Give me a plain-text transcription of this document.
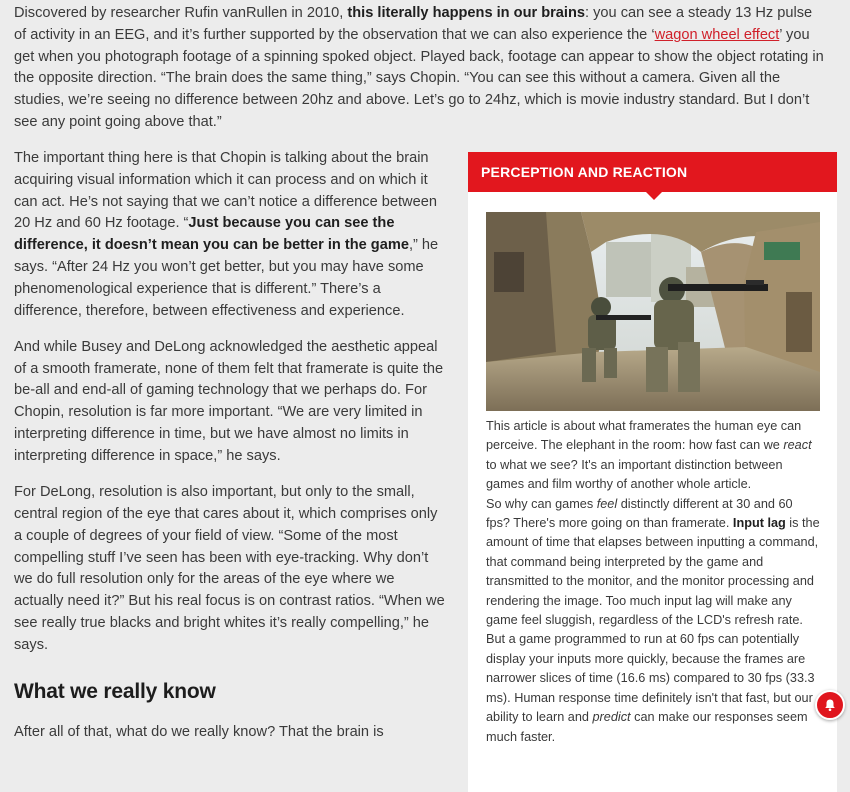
Discovered by researcher Rufin vanRullen in 2010, this literally happens in our brains: you can see a steady 13 Hz pulse of activity in an EEG, and it’s further supported by the observation that we can also experience the ‘wagon wheel effect’ you get when you photograph footage of a spinning spoked object. Played back, footage can appear to show the object rotating in the opposite direction. “The brain does the same thing,” says Chopin. “You can see this without a camera. Given all the studies, we’re seeing no difference between 20hz and above. Let’s go to 24hz, which is movie industry standard. But I don’t see any point going above that.”

The important thing here is that Chopin is talking about the brain acquiring visual information which it can process and on which it can act. He’s not saying that we can’t notice a difference between 20 Hz and 60 Hz footage. “Just because you can see the difference, it doesn’t mean you can be better in the game,” he says. “After 24 Hz you won’t get better, but you may have some phenomenological experience that is different.” There’s a difference, therefore, between effectiveness and experience.

And while Busey and DeLong acknowledged the aesthetic appeal of a smooth framerate, none of them felt that framerate is quite the be-all and end-all of gaming technology that we perhaps do. For Chopin, resolution is far more important. “We are very limited in interpreting difference in time, but we have almost no limits in interpreting difference in space,” he says.

For DeLong, resolution is also important, but only to the small, central region of the eye that cares about it, which comprises only a couple of degrees of your field of view. “Some of the most compelling stuff I’ve seen has been with eye-tracking. Why don’t we do full resolution only for the areas of the eye where we actually need it?” But his real focus is on contrast ratios. “When we see really true blacks and bright whites it’s really compelling,” he says.

What we really know

After all of that, what do we really know? That the brain is

PERCEPTION AND REACTION

This article is about what framerates the human eye can perceive. The elephant in the room: how fast can we react to what we see? It's an important distinction between games and film worthy of another whole article.

So why can games feel distinctly different at 30 and 60 fps? There's more going on than framerate. Input lag is the amount of time that elapses between inputting a command, that command being interpreted by the game and transmitted to the monitor, and the monitor processing and rendering the image. Too much input lag will make any game feel sluggish, regardless of the LCD's refresh rate.

But a game programmed to run at 60 fps can potentially display your inputs more quickly, because the frames are narrower slices of time (16.6 ms) compared to 30 fps (33.3 ms). Human response time definitely isn't that fast, but our ability to learn and predict can make our responses seem much faster.
